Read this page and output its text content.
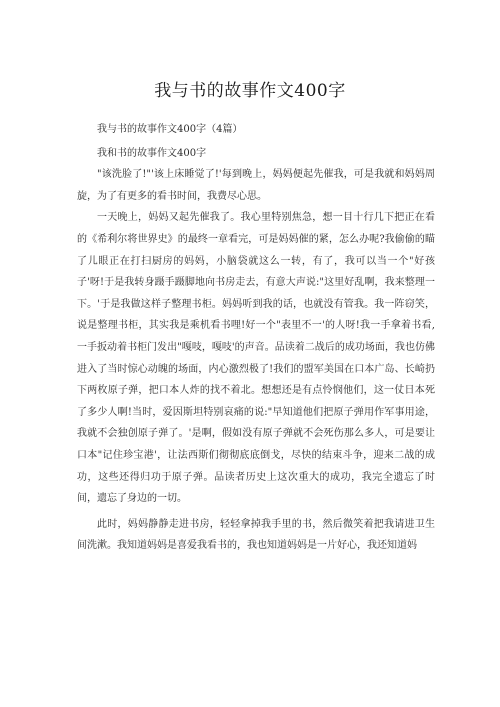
我与书的故事作文400字

我与书的故事作文400字（4篇）

我和书的故事作文400字

"该洗脸了!"'该上床睡觉了!'每到晚上，妈妈便起先催我，可是我就和妈妈周旋，为了有更多的看书时间，我费尽心思。

一天晚上，妈妈又起先催我了。我心里特别焦急，想一目十行几下把正在看的《希利尔将世界史》的最终一章看完，可是妈妈催的紧，怎么办呢?我偷偷的瞄了儿眼正在打扫厨房的妈妈，小脑袋就这么一转，有了，我可以当一个"好孩子'呀!于是我转身蹑手蹑脚地向书房走去，有意大声说:"这里好乱啊，我来整理一下。'于是我做这样子整理书柜。妈妈听到我的话，也就没有管我。我一阵窃笑，说是整理书柜，其实我是乘机看书哩!好一个"表里不一'的人呀!我一手拿着书看,一手扳动着书柜门发出"嘎吱，嘎吱'的声音。品读着二战后的成功场面，我也仿佛进入了当时惊心动魄的场面，内心激烈极了!我们的盟军美国在口本广岛、长崎扔下两枚原子弹，把口本人炸的找不着北。想想还是有点怜悯他们，这一仗日本死了多少人啊!当时，爱因斯坦特别哀痛的说:"早知道他们把原子弹用作军事用途，我就不会独创原子弹了。'是啊，假如没有原子弹就不会死伤那么多人，可是要让口本"记住珍宝港'，让法西斯们彻彻底底倒戈，尽快的结束斗争，迎来二战的成功，这些还得归功于原子弹。品读者历史上这次重大的成功，我完全遗忘了时间，遗忘了身边的一切。

此时，妈妈静静走进书房，轻轻拿掉我手里的书，然后微笑着把我请进卫生间洗漱。我知道妈妈是喜爱我看书的，我也知道妈妈是一片好心，我还知道妈
